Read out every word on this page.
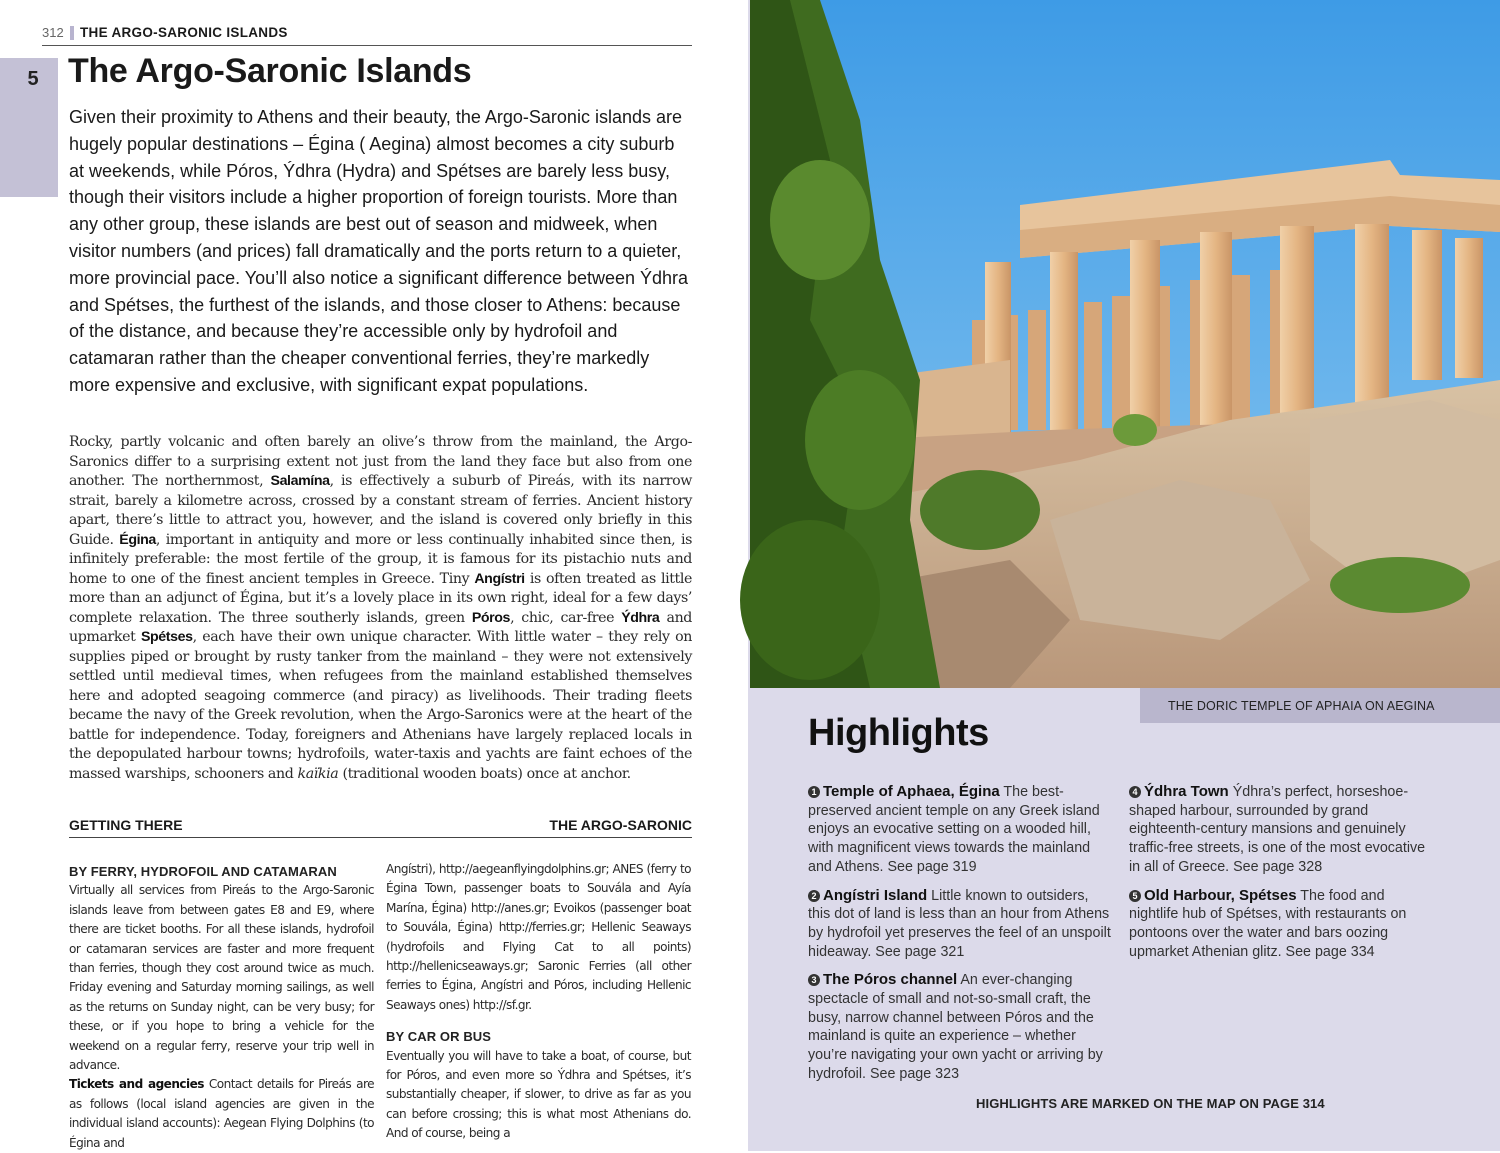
312 THE ARGO-SARONIC ISLANDS
5 The Argo-Saronic Islands

Given their proximity to Athens and their beauty, the Argo-Saronic islands are hugely popular destinations – Égina ( Aegina) almost becomes a city suburb at weekends, while Póros, Ýdhra (Hydra) and Spétses are barely less busy, though their visitors include a higher proportion of foreign tourists. More than any other group, these islands are best out of season and midweek, when visitor numbers (and prices) fall dramatically and the ports return to a quieter, more provincial pace. You’ll also notice a significant difference between Ýdhra and Spétses, the furthest of the islands, and those closer to Athens: because of the distance, and because they’re accessible only by hydrofoil and catamaran rather than the cheaper conventional ferries, they’re markedly more expensive and exclusive, with significant expat populations.

Rocky, partly volcanic and often barely an olive’s throw from the mainland, the Argo-Saronics differ to a surprising extent not just from the land they face but also from one another. The northernmost, Salamína, is effectively a suburb of Pireás, with its narrow strait, barely a kilometre across, crossed by a constant stream of ferries. Ancient history apart, there’s little to attract you, however, and the island is covered only briefly in this Guide. Égina, important in antiquity and more or less continually inhabited since then, is infinitely preferable: the most fertile of the group, it is famous for its pistachio nuts and home to one of the finest ancient temples in Greece. Tiny Angístri is often treated as little more than an adjunct of Égina, but it’s a lovely place in its own right, ideal for a few days’ complete relaxation. The three southerly islands, green Póros, chic, car-free Ýdhra and upmarket Spétses, each have their own unique character. With little water – they rely on supplies piped or brought by rusty tanker from the mainland – they were not extensively settled until medieval times, when refugees from the mainland established themselves here and adopted seagoing commerce (and piracy) as livelihoods. Their trading fleets became the navy of the Greek revolution, when the Argo-Saronics were at the heart of the battle for independence. Today, foreigners and Athenians have largely replaced locals in the depopulated harbour towns; hydrofoils, water-taxis and yachts are faint echoes of the massed warships, schooners and kaïkia (traditional wooden boats) once at anchor.

GETTING THERE	THE ARGO-SARONIC
BY FERRY, HYDROFOIL AND CATAMARAN
Virtually all services from Pireás to the Argo-Saronic islands leave from between gates E8 and E9, where there are ticket booths. For all these islands, hydrofoil or catamaran services are faster and more frequent than ferries, though they cost around twice as much. Friday evening and Saturday morning sailings, as well as the returns on Sunday night, can be very busy; for these, or if you hope to bring a vehicle for the weekend on a regular ferry, reserve your trip well in advance.
Tickets and agencies Contact details for Pireás are as follows (local island agencies are given in the individual island accounts): Aegean Flying Dolphins (to Égina and
Angístri), http://aegeanflyingdolphins.gr; ANES (ferry to Égina Town, passenger boats to Souvála and Ayía Marína, Égina) http://anes.gr; Evoikos (passenger boat to Souvála, Égina) http://ferries.gr; Hellenic Seaways (hydrofoils and Flying Cat to all points) http://hellenicseaways.gr; Saronic Ferries (all other ferries to Égina, Angístri and Póros, including Hellenic Seaways ones) http://sf.gr.
BY CAR OR BUS
Eventually you will have to take a boat, of course, but for Póros, and even more so Ýdhra and Spétses, it’s substantially cheaper, if slower, to drive as far as you can before crossing; this is what most Athenians do. And of course, being a
THE DORIC TEMPLE OF APHAIA ON AEGINA
Highlights
1 Temple of Aphaea, Égina The best-preserved ancient temple on any Greek island enjoys an evocative setting on a wooded hill, with magnificent views towards the mainland and Athens. See page 319
2 Angístri Island Little known to outsiders, this dot of land is less than an hour from Athens by hydrofoil yet preserves the feel of an unspoilt hideaway. See page 321
3 The Póros channel An ever-changing spectacle of small and not-so-small craft, the busy, narrow channel between Póros and the mainland is quite an experience – whether you’re navigating your own yacht or arriving by hydrofoil. See page 323
4 Ýdhra Town Ýdhra’s perfect, horseshoe-shaped harbour, surrounded by grand eighteenth-century mansions and genuinely traffic-free streets, is one of the most evocative in all of Greece. See page 328
5 Old Harbour, Spétses The food and nightlife hub of Spétses, with restaurants on pontoons over the water and bars oozing upmarket Athenian glitz. See page 334
HIGHLIGHTS ARE MARKED ON THE MAP ON PAGE 314
